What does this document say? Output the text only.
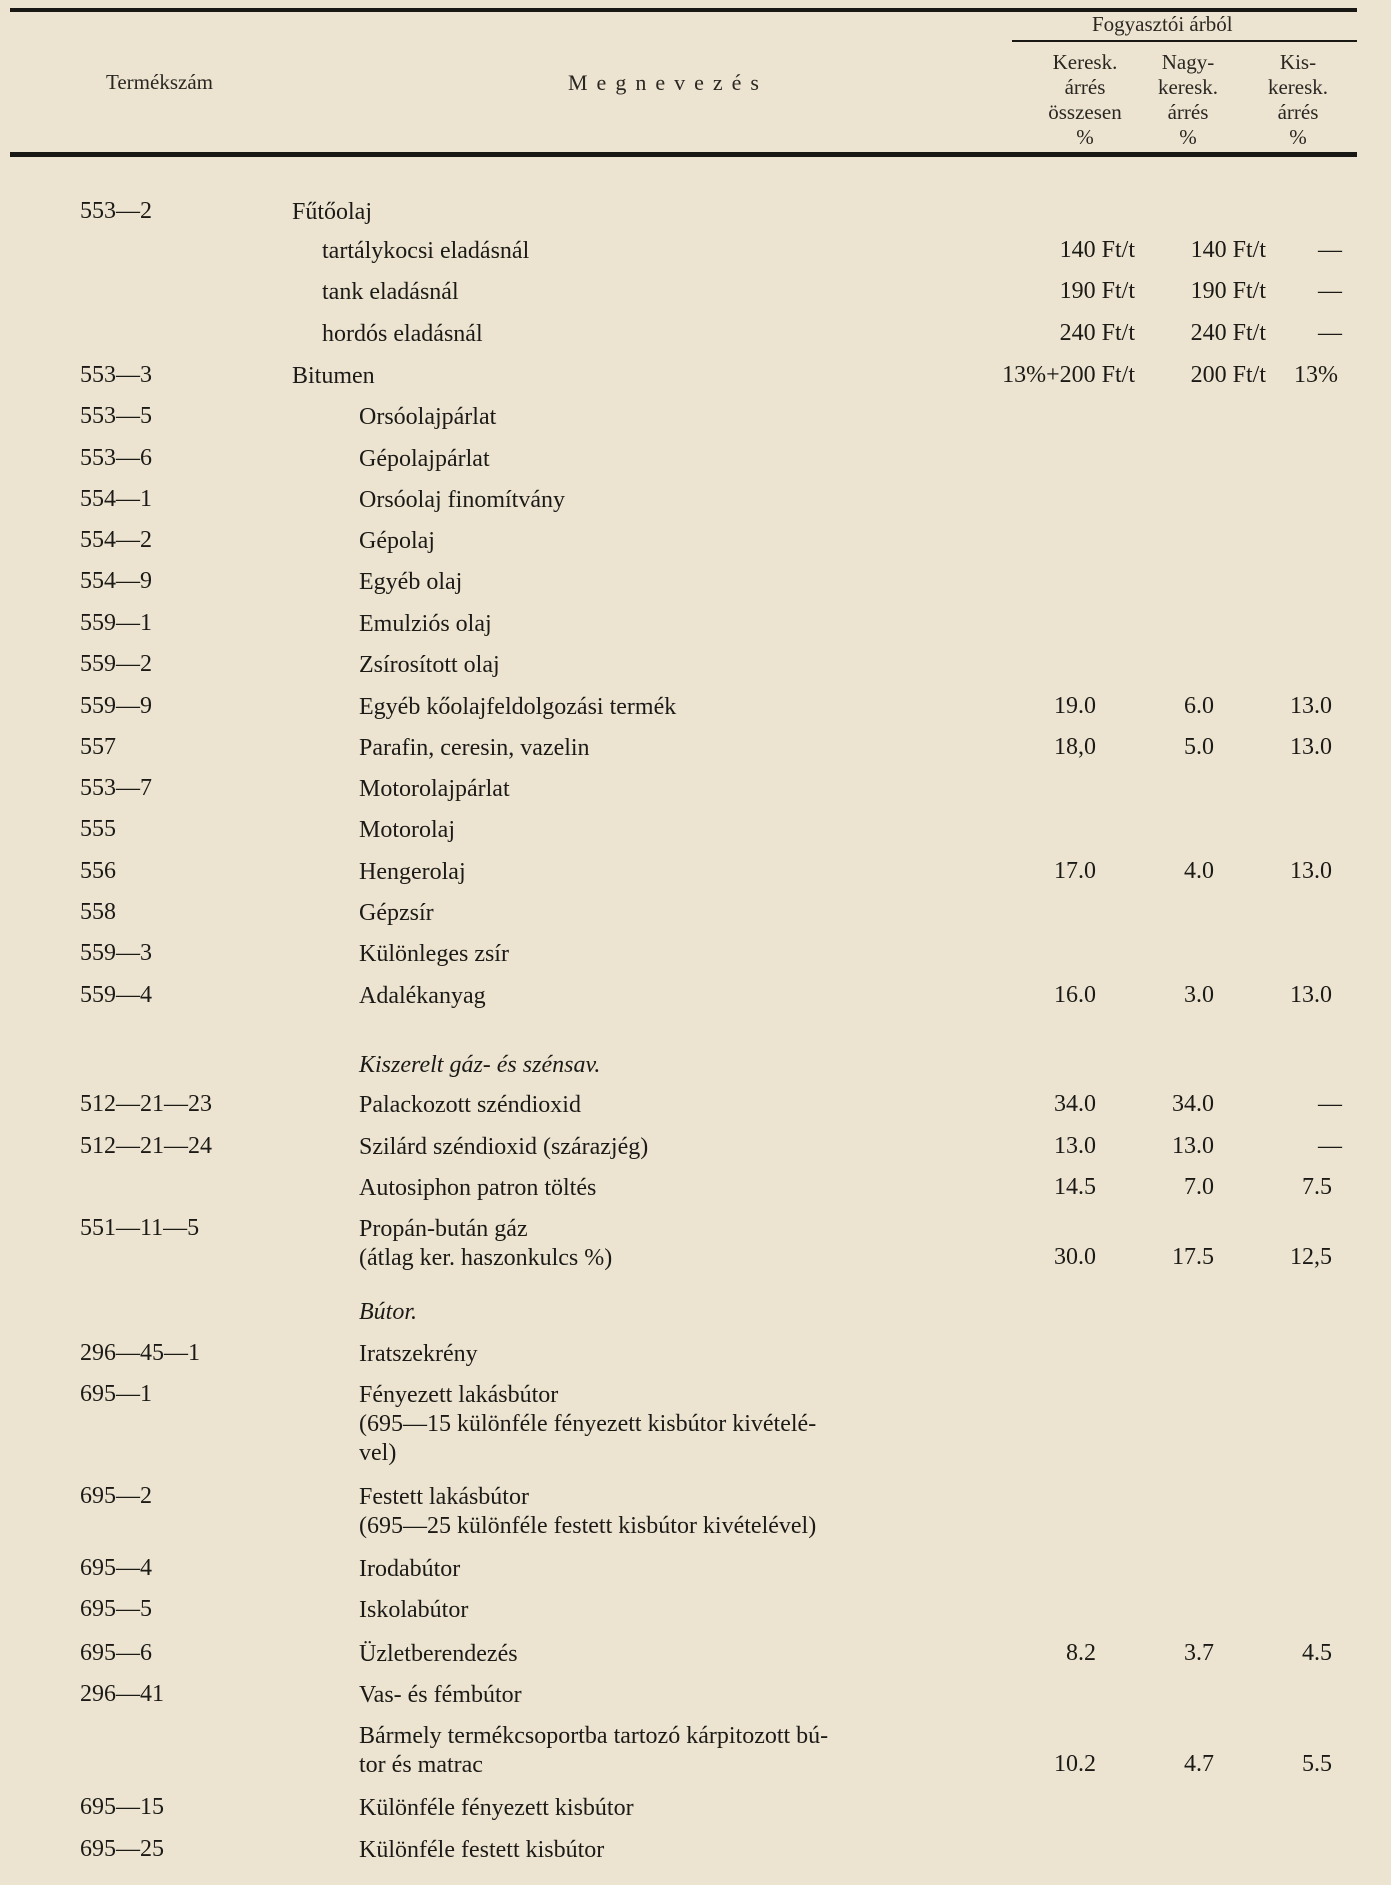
Termékszám	Megnevezés
Fogyasztói árból
Keresk.
árrés
összesen
%
Nagy-
keresk.
árrés
%
Kis-
keresk.
árrés
%
553—2	Fűtőolaj
tartálykocsi eladásnál	140 Ft/t	140 Ft/t	—
tank eladásnál	190 Ft/t	190 Ft/t	—
hordós eladásnál	240 Ft/t	240 Ft/t	—
553—3	Bitumen	13%+200 Ft/t	200 Ft/t	13%
553—5	Orsóolajpárlat
553—6	Gépolajpárlat
554—1	Orsóolaj finomítvány
554—2	Gépolaj
554—9	Egyéb olaj
559—1	Emulziós olaj
559—2	Zsírosított olaj
559—9	Egyéb kőolajfeldolgozási termék	19.0	6.0	13.0
557	Parafin, ceresin, vazelin	18,0	5.0	13.0
553—7	Motorolajpárlat
555	Motorolaj
556	Hengerolaj	17.0	4.0	13.0
558	Gépzsír
559—3	Különleges zsír
559—4	Adalékanyag	16.0	3.0	13.0
Kiszerelt gáz- és szénsav.
512—21—23	Palackozott széndioxid	34.0	34.0	—
512—21—24	Szilárd széndioxid (szárazjég)	13.0	13.0	—
Autosiphon patron töltés	14.5	7.0	7.5
551—11—5	Propán-bután gáz
(átlag ker. haszonkulcs %)	30.0	17.5	12,5
Bútor.
296—45—1	Iratszekrény
695—1	Fényezett lakásbútor
(695—15 különféle fényezett kisbútor kivételé-
vel)
695—2	Festett lakásbútor
(695—25 különféle festett kisbútor kivételével)
695—4	Irodabútor
695—5	Iskolabútor
695—6	Üzletberendezés	8.2	3.7	4.5
296—41	Vas- és fémbútor
Bármely termékcsoportba tartozó kárpitozott bú-
tor és matrac	10.2	4.7	5.5
695—15	Különféle fényezett kisbútor
695—25	Különféle festett kisbútor
